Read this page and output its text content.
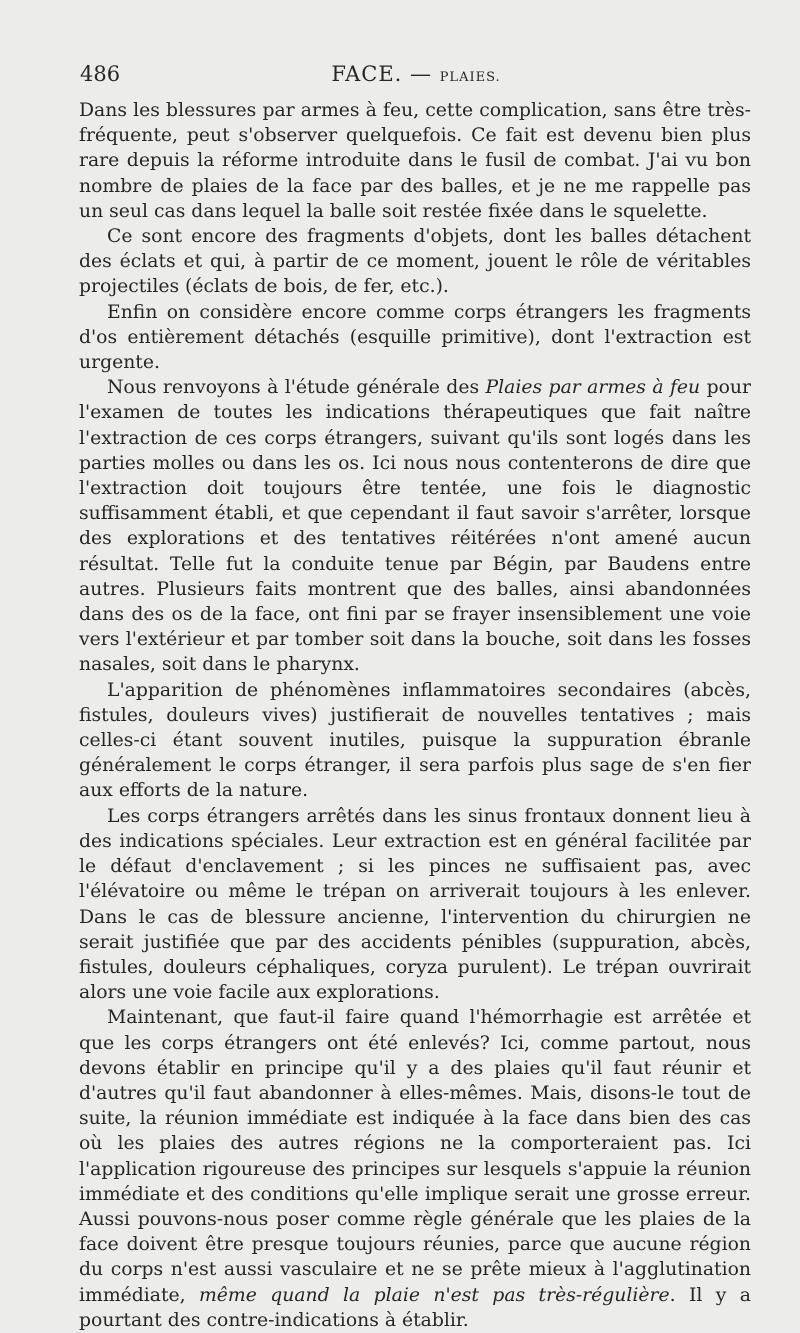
486	FACE. — PLAIES.

Dans les blessures par armes à feu, cette complication, sans être très-fréquente, peut s'observer quelquefois. Ce fait est devenu bien plus rare depuis la réforme introduite dans le fusil de combat. J'ai vu bon nombre de plaies de la face par des balles, et je ne me rappelle pas un seul cas dans lequel la balle soit restée fixée dans le squelette.

Ce sont encore des fragments d'objets, dont les balles détachent des éclats et qui, à partir de ce moment, jouent le rôle de véritables projectiles (éclats de bois, de fer, etc.).

Enfin on considère encore comme corps étrangers les fragments d'os entièrement détachés (esquille primitive), dont l'extraction est urgente.

Nous renvoyons à l'étude générale des Plaies par armes à feu pour l'examen de toutes les indications thérapeutiques que fait naître l'extraction de ces corps étrangers, suivant qu'ils sont logés dans les parties molles ou dans les os. Ici nous nous contenterons de dire que l'extraction doit toujours être tentée, une fois le diagnostic suffisamment établi, et que cependant il faut savoir s'arrêter, lorsque des explorations et des tentatives réitérées n'ont amené aucun résultat. Telle fut la conduite tenue par Bégin, par Baudens entre autres. Plusieurs faits montrent que des balles, ainsi abandonnées dans des os de la face, ont fini par se frayer insensiblement une voie vers l'extérieur et par tomber soit dans la bouche, soit dans les fosses nasales, soit dans le pharynx.

L'apparition de phénomènes inflammatoires secondaires (abcès, fistules, douleurs vives) justifierait de nouvelles tentatives ; mais celles-ci étant souvent inutiles, puisque la suppuration ébranle généralement le corps étranger, il sera parfois plus sage de s'en fier aux efforts de la nature.

Les corps étrangers arrêtés dans les sinus frontaux donnent lieu à des indications spéciales. Leur extraction est en général facilitée par le défaut d'enclavement ; si les pinces ne suffisaient pas, avec l'élévatoire ou même le trépan on arriverait toujours à les enlever. Dans le cas de blessure ancienne, l'intervention du chirurgien ne serait justifiée que par des accidents pénibles (suppuration, abcès, fistules, douleurs céphaliques, coryza purulent). Le trépan ouvrirait alors une voie facile aux explorations.

Maintenant, que faut-il faire quand l'hémorrhagie est arrêtée et que les corps étrangers ont été enlevés? Ici, comme partout, nous devons établir en principe qu'il y a des plaies qu'il faut réunir et d'autres qu'il faut abandonner à elles-mêmes. Mais, disons-le tout de suite, la réunion immédiate est indiquée à la face dans bien des cas où les plaies des autres régions ne la comporteraient pas. Ici l'application rigoureuse des principes sur lesquels s'appuie la réunion immédiate et des conditions qu'elle implique serait une grosse erreur. Aussi pouvons-nous poser comme règle générale que les plaies de la face doivent être presque toujours réunies, parce que aucune région du corps n'est aussi vasculaire et ne se prête mieux à l'agglutination immédiate, même quand la plaie n'est pas très-régulière. Il y a pourtant des contre-indications à établir.
